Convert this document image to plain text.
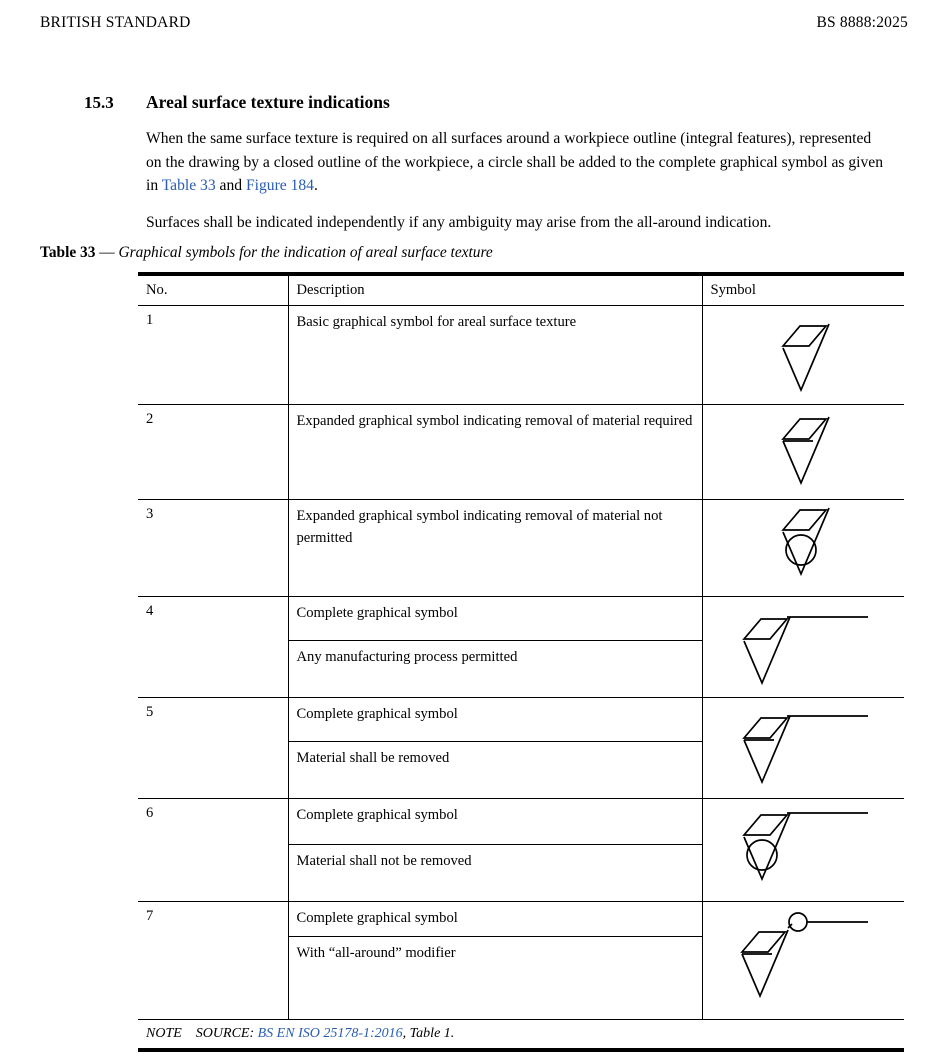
BRITISH STANDARD	BS 8888:2025
15.3	Areal surface texture indications
When the same surface texture is required on all surfaces around a workpiece outline (integral features), represented on the drawing by a closed outline of the workpiece, a circle shall be added to the complete graphical symbol as given in Table 33 and Figure 184.
Surfaces shall be indicated independently if any ambiguity may arise from the all-around indication.
Table 33 — Graphical symbols for the indication of areal surface texture

No.	Description	Symbol
1	Basic graphical symbol for areal surface texture	

2	Expanded graphical symbol indicating removal of material required	

3	Expanded graphical symbol indicating removal of material not permitted	

4	Complete graphical symbol	

	Any manufacturing process permitted	
5	Complete graphical symbol	

	Material shall be removed	
6	Complete graphical symbol	

	Material shall not be removed	
7	Complete graphical symbol	

	With “all-around” modifier	
NOTE SOURCE: BS EN ISO 25178-1:2016, Table 1.		
